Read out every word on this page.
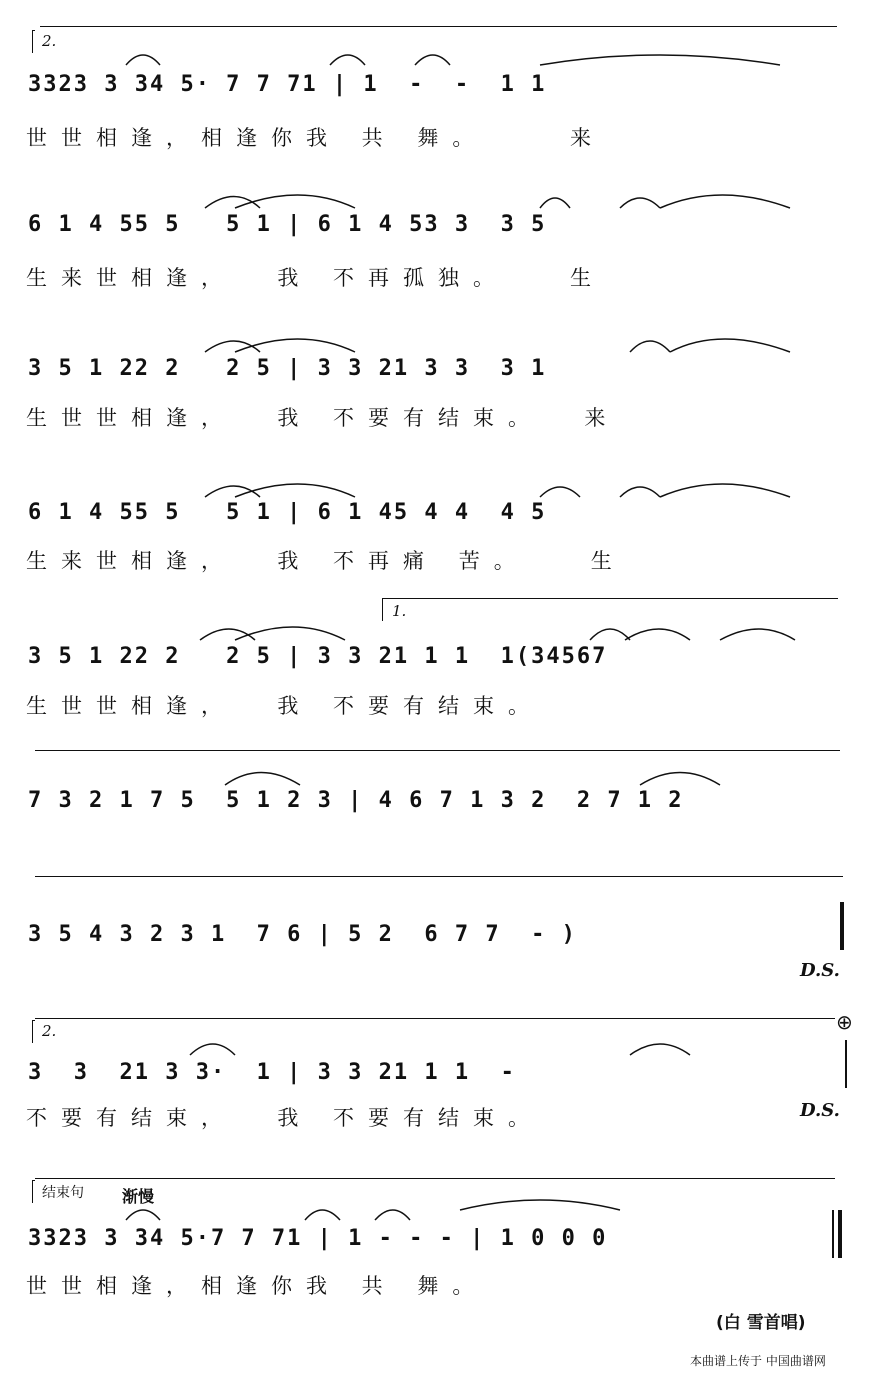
2.
3323 3 34 5· 7 7 71 | 1  -  -  1 1
世世相逢，相逢你我 共 舞。    来
6 1 4 55 5   5 1 | 6 1 4 53 3  3 5
生来世相逢，  我 不再孤独。   生
3 5 1 22 2   2 5 | 3 3 21 3 3  3 1
生世世相逢，  我 不要有结束。  来
6 1 4 55 5   5 1 | 6 1 45 4 4  4 5
生来世相逢，  我 不再痛 苦。   生
1.
3 5 1 22 2   2 5 | 3 3 21 1 1  1(34567
生世世相逢，  我 不要有结束。
7 3 2 1 7 5  5 1 2 3 | 4 6 7 1 3 2  2 7 1 2
3 5 4 3 2 3 1  7 6 | 5 2  6 7 7  - )
D.S.
2.	⊕
3  3  21 3 3·  1 | 3 3 21 1 1  -
不要有结束，  我 不要有结束。	D.S.
结束句 渐慢
3323 3 34 5·7 7 71 | 1 - - - | 1 0 0 0
世世相逢，相逢你我 共 舞。
(白 雪首唱)
本曲谱上传于 中国曲谱网
